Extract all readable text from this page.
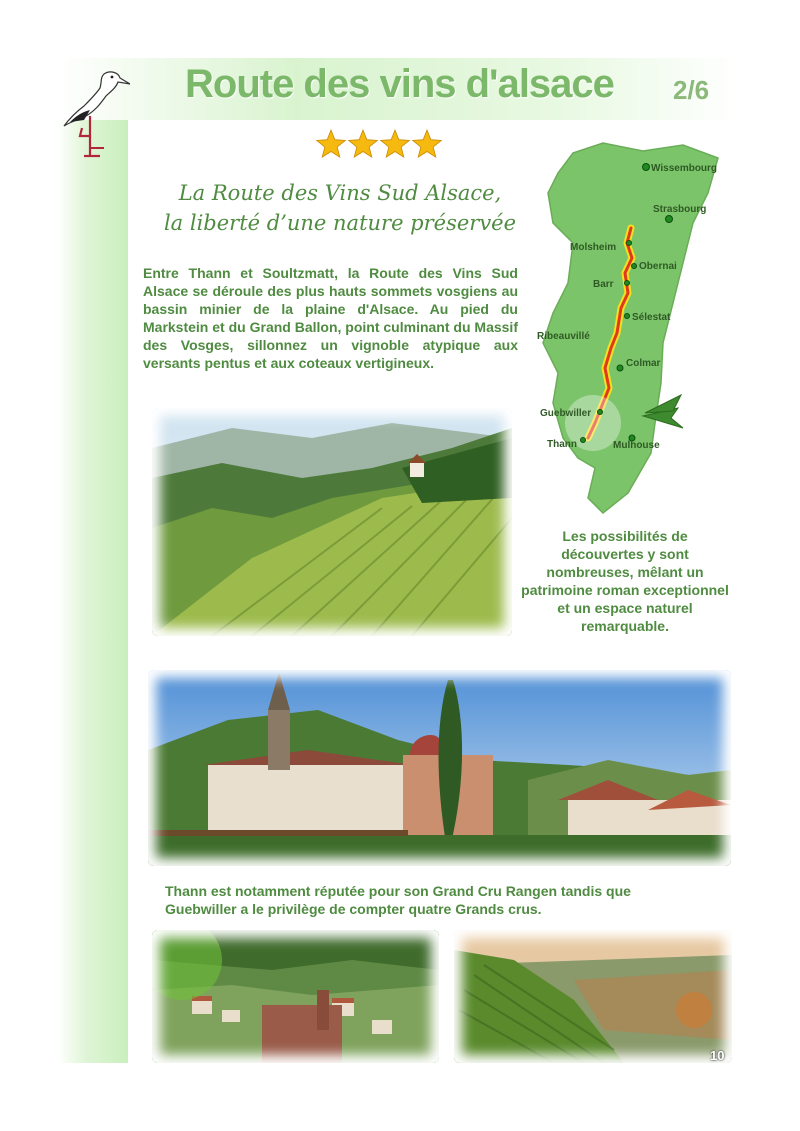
Route des vins d'alsace 2/6
La Route des Vins Sud Alsace,
la liberté d’une nature préservée
Entre Thann et Soultzmatt, la Route des Vins Sud Alsace se déroule des plus hauts sommets vosgiens au bassin minier de la plaine d'Alsace. Au pied du Markstein et du Grand Ballon, point culminant du Massif des Vosges, sillonnez un vignoble atypique aux versants pentus et aux coteaux vertigineux.
Wissembourg
Strasbourg
Molsheim
Obernai
Barr
Sélestat
Ribeauvillé
Colmar
Guebwiller
Thann	Mulhouse
Les possibilités de découvertes y sont nombreuses, mêlant un patrimoine roman exceptionnel et un espace naturel remarquable.
Thann est notamment réputée pour son Grand Cru Rangen tandis que
Guebwiller a le privilège de compter quatre Grands crus.
10
